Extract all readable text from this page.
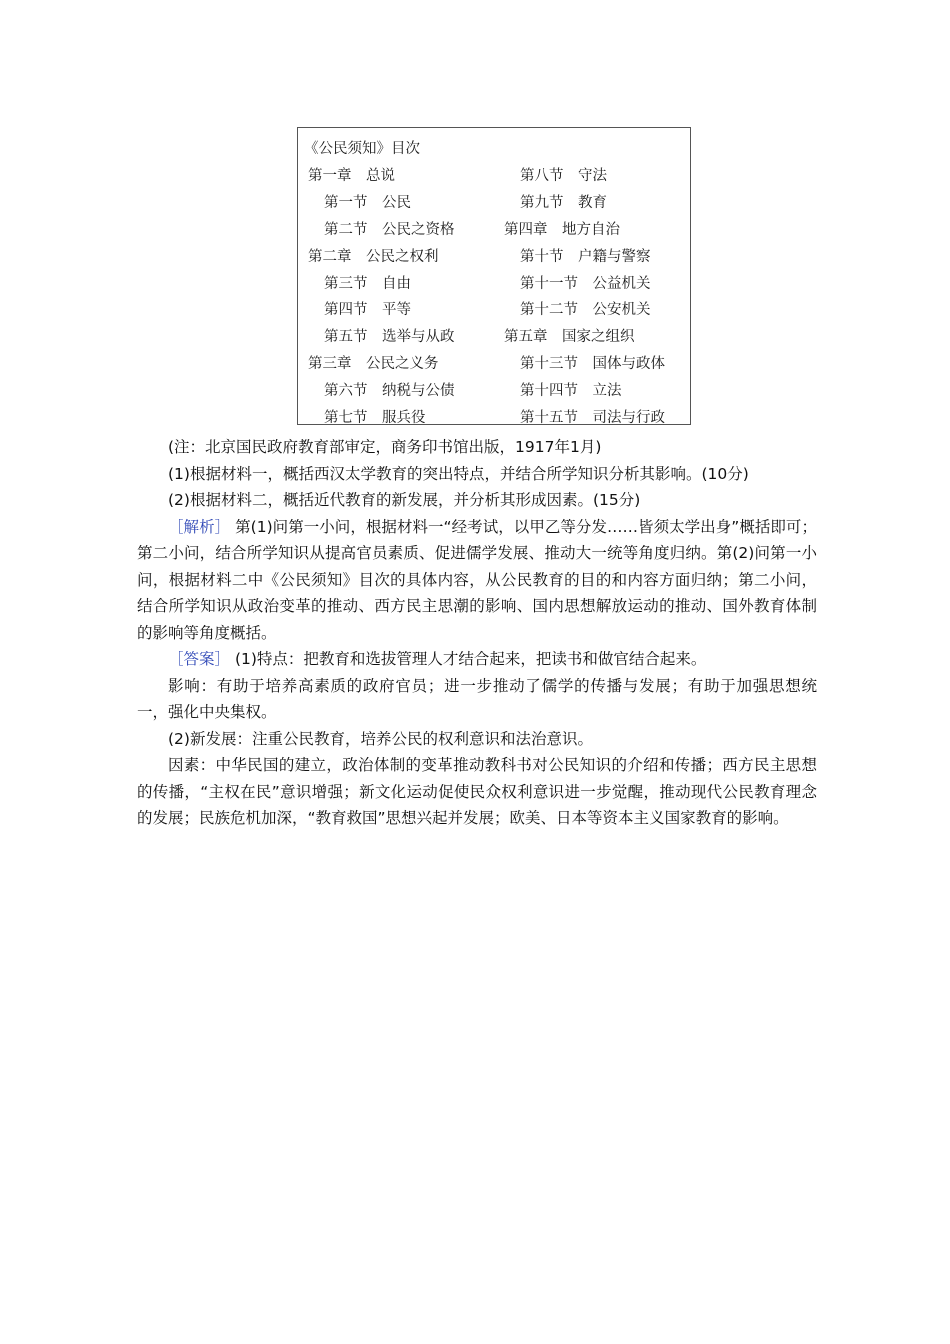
《公民须知》目次
第一章　总说
第一节　公民
第二节　公民之资格
第二章　公民之权利
第三节　自由
第四节　平等
第五节　选举与从政
第三章　公民之义务
第六节　纳税与公债
第七节　服兵役
第八节　守法
第九节　教育
第四章　地方自治
第十节　户籍与警察
第十一节　公益机关
第十二节　公安机关
第五章　国家之组织
第十三节　国体与政体
第十四节　立法
第十五节　司法与行政

(注：北京国民政府教育部审定，商务印书馆出版，1917年1月)

(1)根据材料一，概括西汉太学教育的突出特点，并结合所学知识分析其影响。(10分)

(2)根据材料二，概括近代教育的新发展，并分析其形成因素。(15分)

［解析］ 第(1)问第一小问，根据材料一“经考试，以甲乙等分发……皆须太学出身”概括即可；第二小问，结合所学知识从提高官员素质、促进儒学发展、推动大一统等角度归纳。第(2)问第一小问，根据材料二中《公民须知》目次的具体内容，从公民教育的目的和内容方面归纳；第二小问，结合所学知识从政治变革的推动、西方民主思潮的影响、国内思想解放运动的推动、国外教育体制的影响等角度概括。

［答案］ (1)特点：把教育和选拔管理人才结合起来，把读书和做官结合起来。

影响：有助于培养高素质的政府官员；进一步推动了儒学的传播与发展；有助于加强思想统一，强化中央集权。

(2)新发展：注重公民教育，培养公民的权利意识和法治意识。

因素：中华民国的建立，政治体制的变革推动教科书对公民知识的介绍和传播；西方民主思想的传播，“主权在民”意识增强；新文化运动促使民众权利意识进一步觉醒，推动现代公民教育理念的发展；民族危机加深，“教育救国”思想兴起并发展；欧美、日本等资本主义国家教育的影响。
